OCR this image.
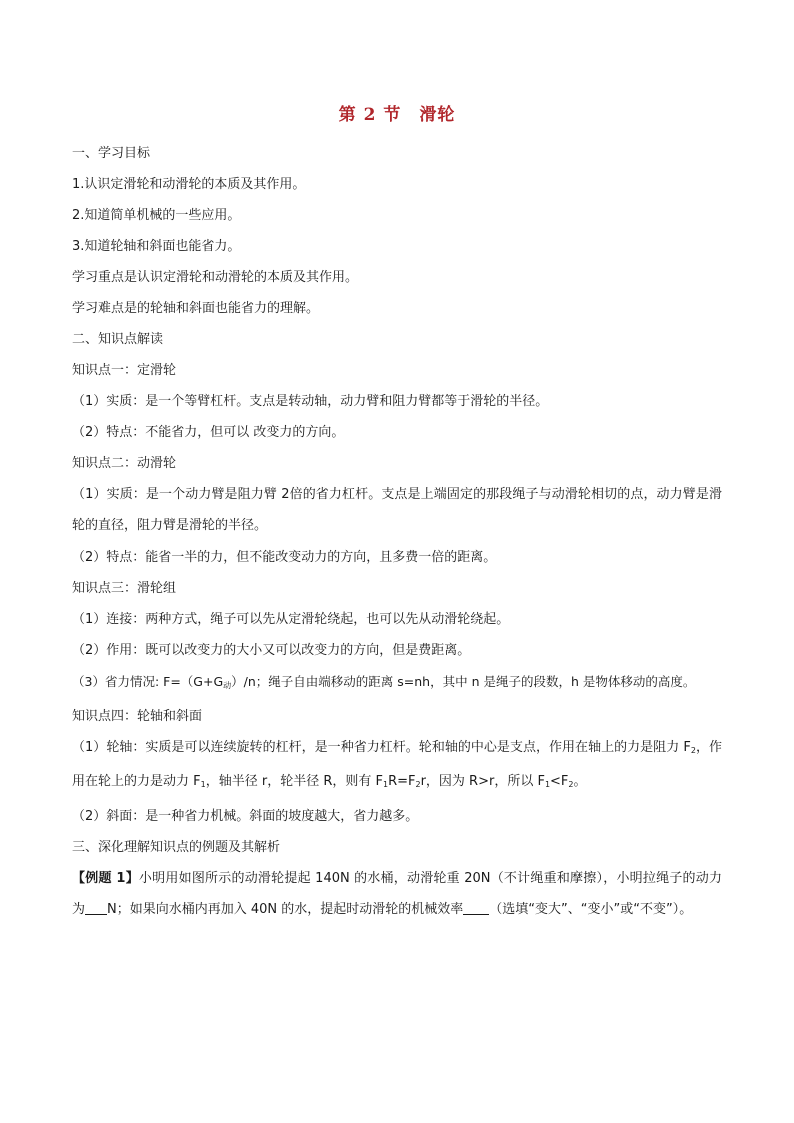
第 2 节　滑轮
一、学习目标
1.认识定滑轮和动滑轮的本质及其作用。
2.知道简单机械的一些应用。
3.知道轮轴和斜面也能省力。
学习重点是认识定滑轮和动滑轮的本质及其作用。
学习难点是的轮轴和斜面也能省力的理解。
二、知识点解读
知识点一：定滑轮
（1）实质：是一个等臂杠杆。支点是转动轴，动力臂和阻力臂都等于滑轮的半径。
（2）特点：不能省力，但可以 改变力的方向。
知识点二：动滑轮
（1）实质：是一个动力臂是阻力臂 2倍的省力杠杆。支点是上端固定的那段绳子与动滑轮相切的点，动力臂是滑轮的直径，阻力臂是滑轮的半径。
（2）特点：能省一半的力，但不能改变动力的方向，且多费一倍的距离。
知识点三：滑轮组
（1）连接：两种方式，绳子可以先从定滑轮绕起，也可以先从动滑轮绕起。
（2）作用：既可以改变力的大小又可以改变力的方向，但是费距离。
（3）省力情况: $F=(G+G_动)/n$；绳子自由端移动的距离 s=nh，其中 n 是绳子的段数，h 是物体移动的高度。
知识点四：轮轴和斜面
（1）轮轴：实质是可以连续旋转的杠杆，是一种省力杠杆。轮和轴的中心是支点，作用在轴上的力是阻力 $F_2$，作用在轮上的力是动力 $F_1$，轴半径 r，轮半径 R，则有 $F_1R=F_2r$，因为 R>r，所以 $F_1<F_2$。
（2）斜面：是一种省力机械。斜面的坡度越大，省力越多。
三、深化理解知识点的例题及其解析
【例题 1】小明用如图所示的动滑轮提起 140N 的水桶，动滑轮重 20N（不计绳重和摩擦），小明拉绳子的动力为 N；如果向水桶内再加入 40N 的水，提起时动滑轮的机械效率 （选填“变大”、“变小”或“不变”）。
